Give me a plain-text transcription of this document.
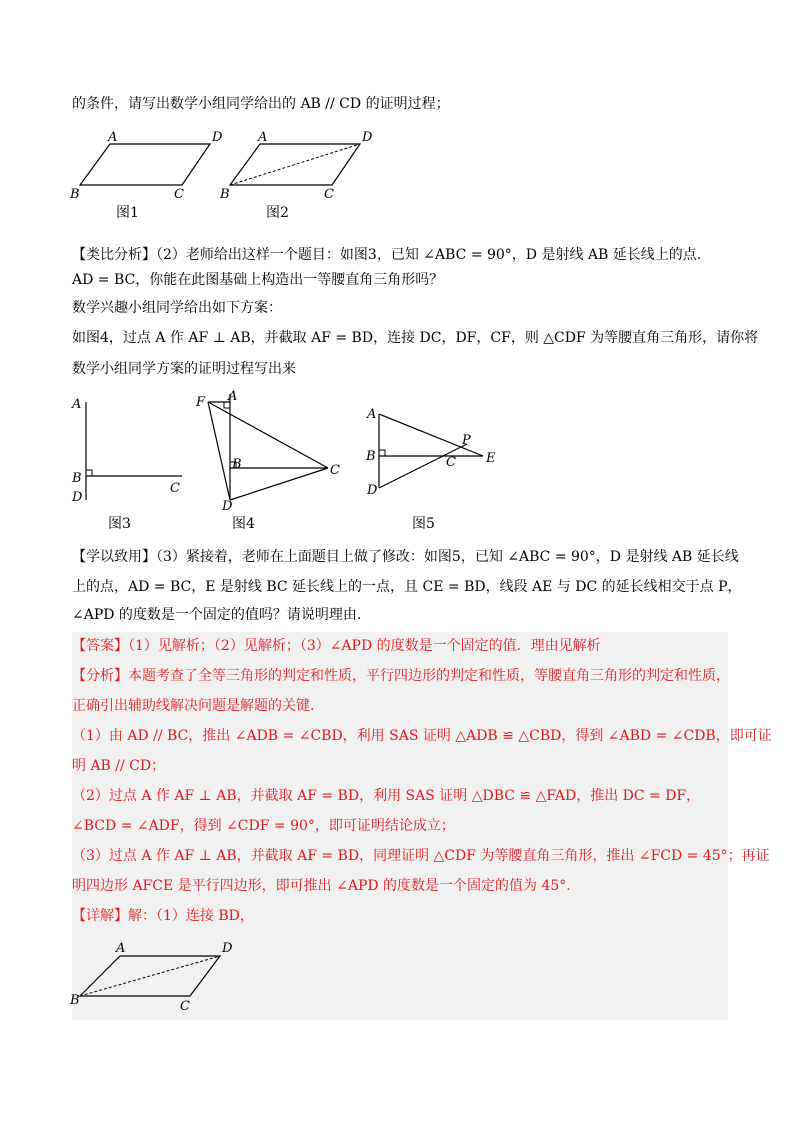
的条件，请写出数学小组同学给出的 AB // CD 的证明过程；
A	D
B	C
图1
A	D
B	C
图2
【类比分析】（2）老师给出这样一个题目：如图3，已知 ∠ABC = 90°，D 是射线 AB 延长线上的点.
AD = BC，你能在此图基础上构造出一等腰直角三角形吗？
数学兴趣小组同学给出如下方案：
如图4，过点 A 作 AF ⊥ AB，并截取 AF = BD，连接 DC，DF，CF，则 △CDF 为等腰直角三角形，请你将
数学小组同学方案的证明过程写出来
A
B
D
C
图3
F A
B	C
D
图4
A
B
P
C E
D
图5
【学以致用】（3）紧接着，老师在上面题目上做了修改：如图5，已知 ∠ABC = 90°，D 是射线 AB 延长线
上的点，AD = BC，E 是射线 BC 延长线上的一点，且 CE = BD，线段 AE 与 DC 的延长线相交于点 P，
∠APD 的度数是一个固定的值吗？请说明理由.
【答案】（1）见解析；（2）见解析；（3）∠APD 的度数是一个固定的值．理由见解析
【分析】本题考查了全等三角形的判定和性质，平行四边形的判定和性质，等腰直角三角形的判定和性质，
正确引出辅助线解决问题是解题的关键.
（1）由 AD // BC，推出 ∠ADB = ∠CBD，利用 SAS 证明 △ADB ≌ △CBD，得到 ∠ABD = ∠CDB，即可证
明 AB // CD；
（2）过点 A 作 AF ⊥ AB，并截取 AF = BD，利用 SAS 证明 △DBC ≌ △FAD，推出 DC = DF，
∠BCD = ∠ADF，得到 ∠CDF = 90°，即可证明结论成立；
（3）过点 A 作 AF ⊥ AB，并截取 AF = BD，同理证明 △CDF 为等腰直角三角形，推出 ∠FCD = 45°；再证
明四边形 AFCE 是平行四边形，即可推出 ∠APD 的度数是一个固定的值为 45°.
【详解】解：（1）连接 BD，
A	D
B	C
